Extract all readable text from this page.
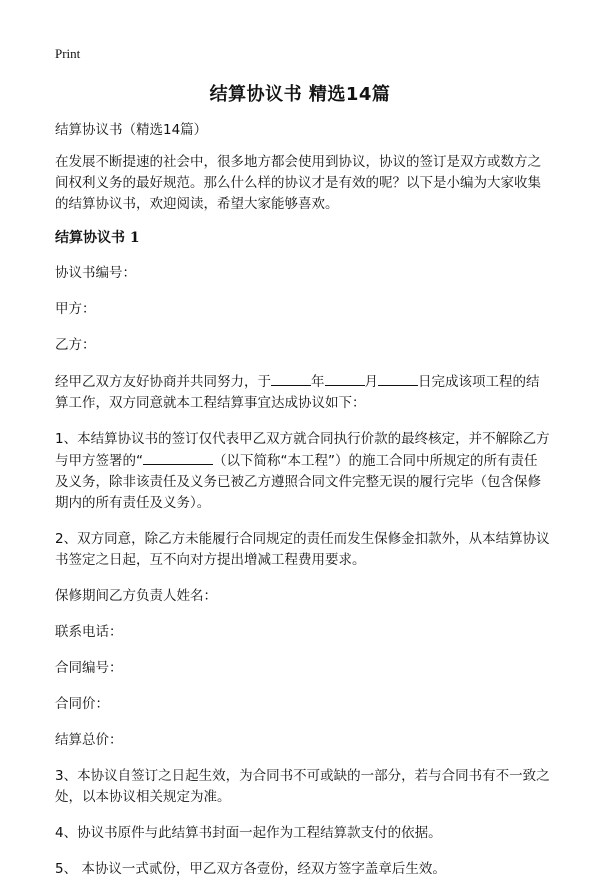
Print
结算协议书 精选14篇

结算协议书（精选14篇）

在发展不断提速的社会中，很多地方都会使用到协议，协议的签订是双方或数方之间权利义务的最好规范。那么什么样的协议才是有效的呢？以下是小编为大家收集的结算协议书，欢迎阅读，希望大家能够喜欢。

结算协议书 1

协议书编号：

甲方：

乙方：

经甲乙双方友好协商并共同努力，于	年	月	日完成该项工程的结算工作，双方同意就本工程结算事宜达成协议如下：

1、本结算协议书的签订仅代表甲乙双方就合同执行价款的最终核定，并不解除乙方与甲方签署的“	（以下简称“本工程”）的施工合同中所规定的所有责任及义务，除非该责任及义务已被乙方遵照合同文件完整无误的履行完毕（包含保修期内的所有责任及义务）。

2、双方同意，除乙方未能履行合同规定的责任而发生保修金扣款外，从本结算协议书签定之日起，互不向对方提出增减工程费用要求。

保修期间乙方负责人姓名：

联系电话：

合同编号：

合同价：

结算总价：

3、本协议自签订之日起生效，为合同书不可或缺的一部分，若与合同书有不一致之处，以本协议相关规定为准。

4、协议书原件与此结算书封面一起作为工程结算款支付的依据。

5、 本协议一式贰份，甲乙双方各壹份，经双方签字盖章后生效。
